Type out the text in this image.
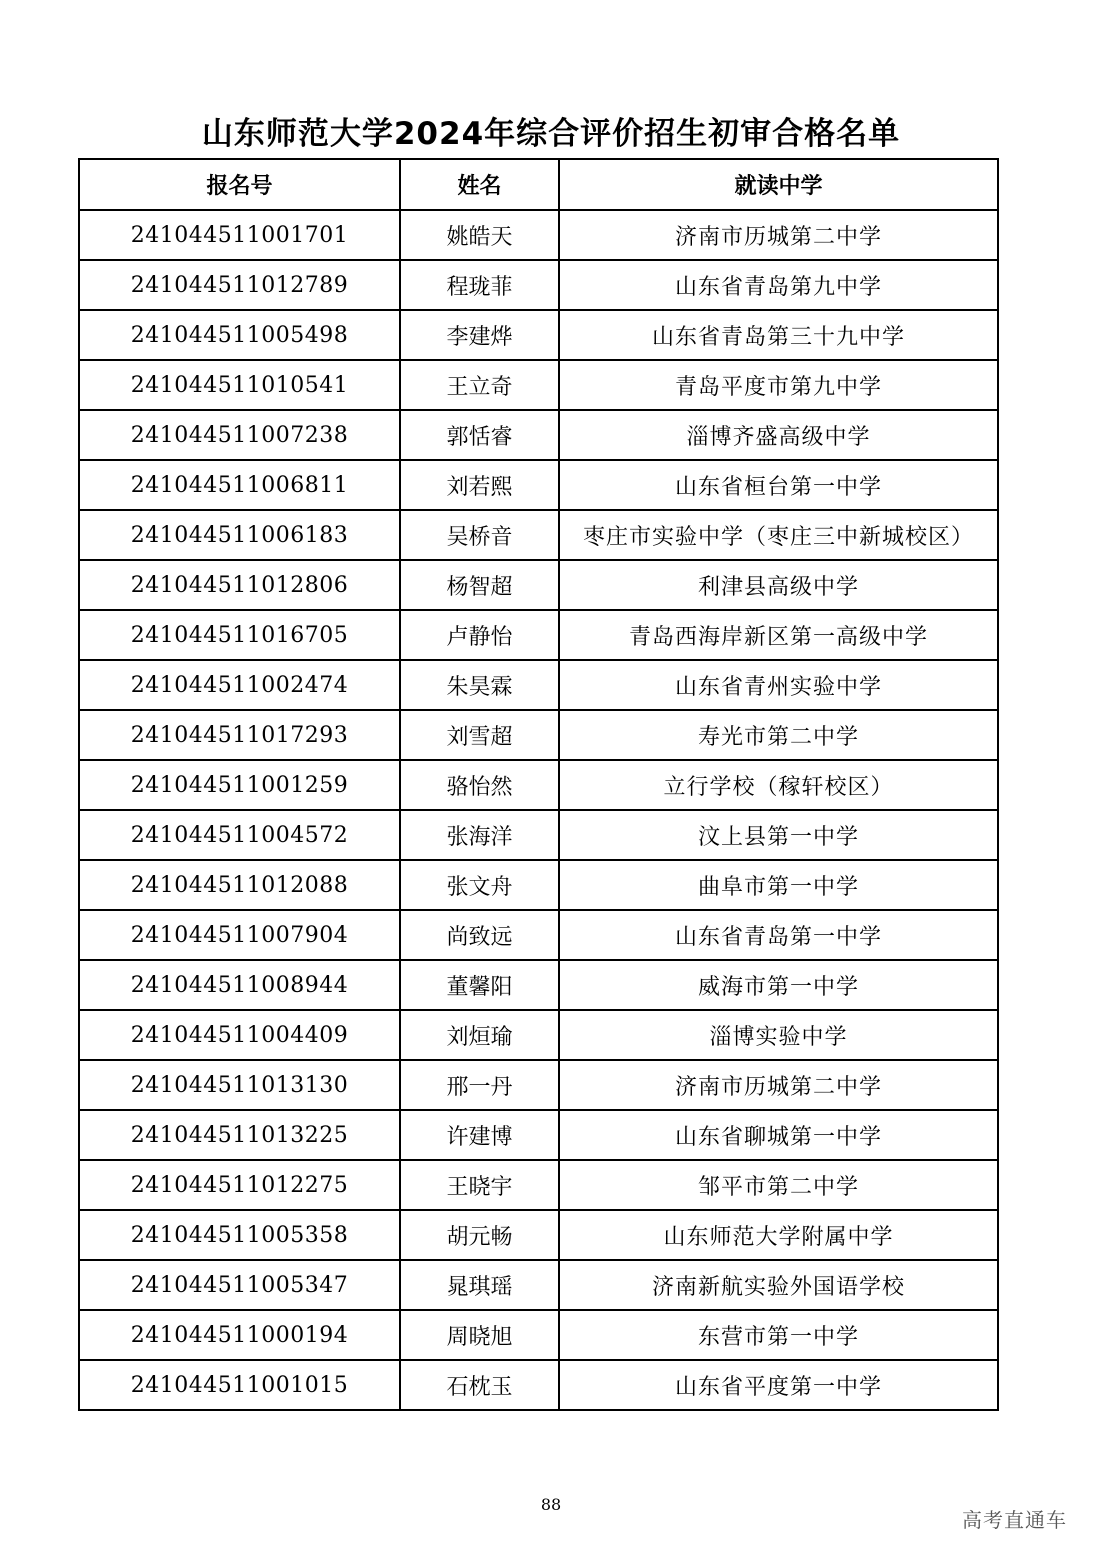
山东师范大学2024年综合评价招生初审合格名单
报名号	姓名	就读中学
241044511001701	姚皓天	济南市历城第二中学
241044511012789	程珑菲	山东省青岛第九中学
241044511005498	李建烨	山东省青岛第三十九中学
241044511010541	王立奇	青岛平度市第九中学
241044511007238	郭恬睿	淄博齐盛高级中学
241044511006811	刘若熙	山东省桓台第一中学
241044511006183	吴桥音	枣庄市实验中学（枣庄三中新城校区）
241044511012806	杨智超	利津县高级中学
241044511016705	卢静怡	青岛西海岸新区第一高级中学
241044511002474	朱昊霖	山东省青州实验中学
241044511017293	刘雪超	寿光市第二中学
241044511001259	骆怡然	立行学校（稼轩校区）
241044511004572	张海洋	汶上县第一中学
241044511012088	张文舟	曲阜市第一中学
241044511007904	尚致远	山东省青岛第一中学
241044511008944	董馨阳	威海市第一中学
241044511004409	刘烜瑜	淄博实验中学
241044511013130	邢一丹	济南市历城第二中学
241044511013225	许建博	山东省聊城第一中学
241044511012275	王晓宇	邹平市第二中学
241044511005358	胡元畅	山东师范大学附属中学
241044511005347	晁琪瑶	济南新航实验外国语学校
241044511000194	周晓旭	东营市第一中学
241044511001015	石枕玉	山东省平度第一中学
88
高考直通车
